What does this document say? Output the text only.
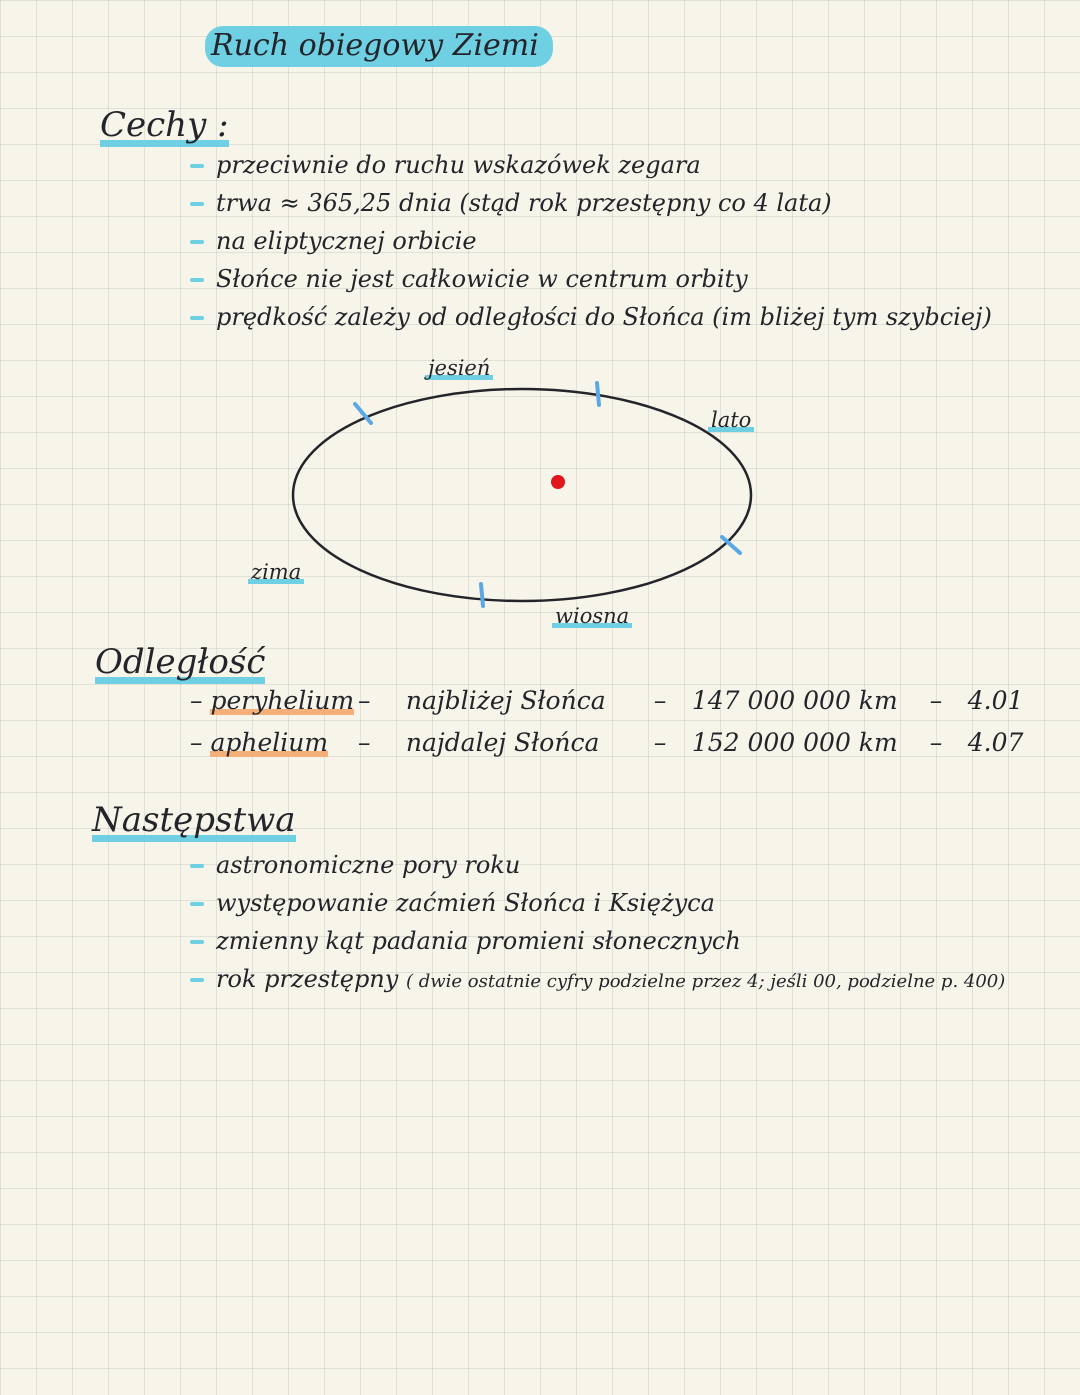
Ruch obiegowy Ziemi
Cechy :
przeciwnie do ruchu wskazówek zegara
trwa ≈ 365,25 dnia (stąd rok przestępny co 4 lata)
na eliptycznej orbicie
Słońce nie jest całkowicie w centrum orbity
prędkość zależy od odległości do Słońca (im bliżej tym szybciej)
jesień
lato
zima
wiosna
Odległość
– peryhelium – najbliżej Słońca – 147 000 000 km – 4.01
– aphelium – najdalej Słońca – 152 000 000 km – 4.07
Następstwa
astronomiczne pory roku
występowanie zaćmień Słońca i Księżyca
zmienny kąt padania promieni słonecznych
rok przestępny ( dwie ostatnie cyfry podzielne przez 4; jeśli 00, podzielne p. 400)
